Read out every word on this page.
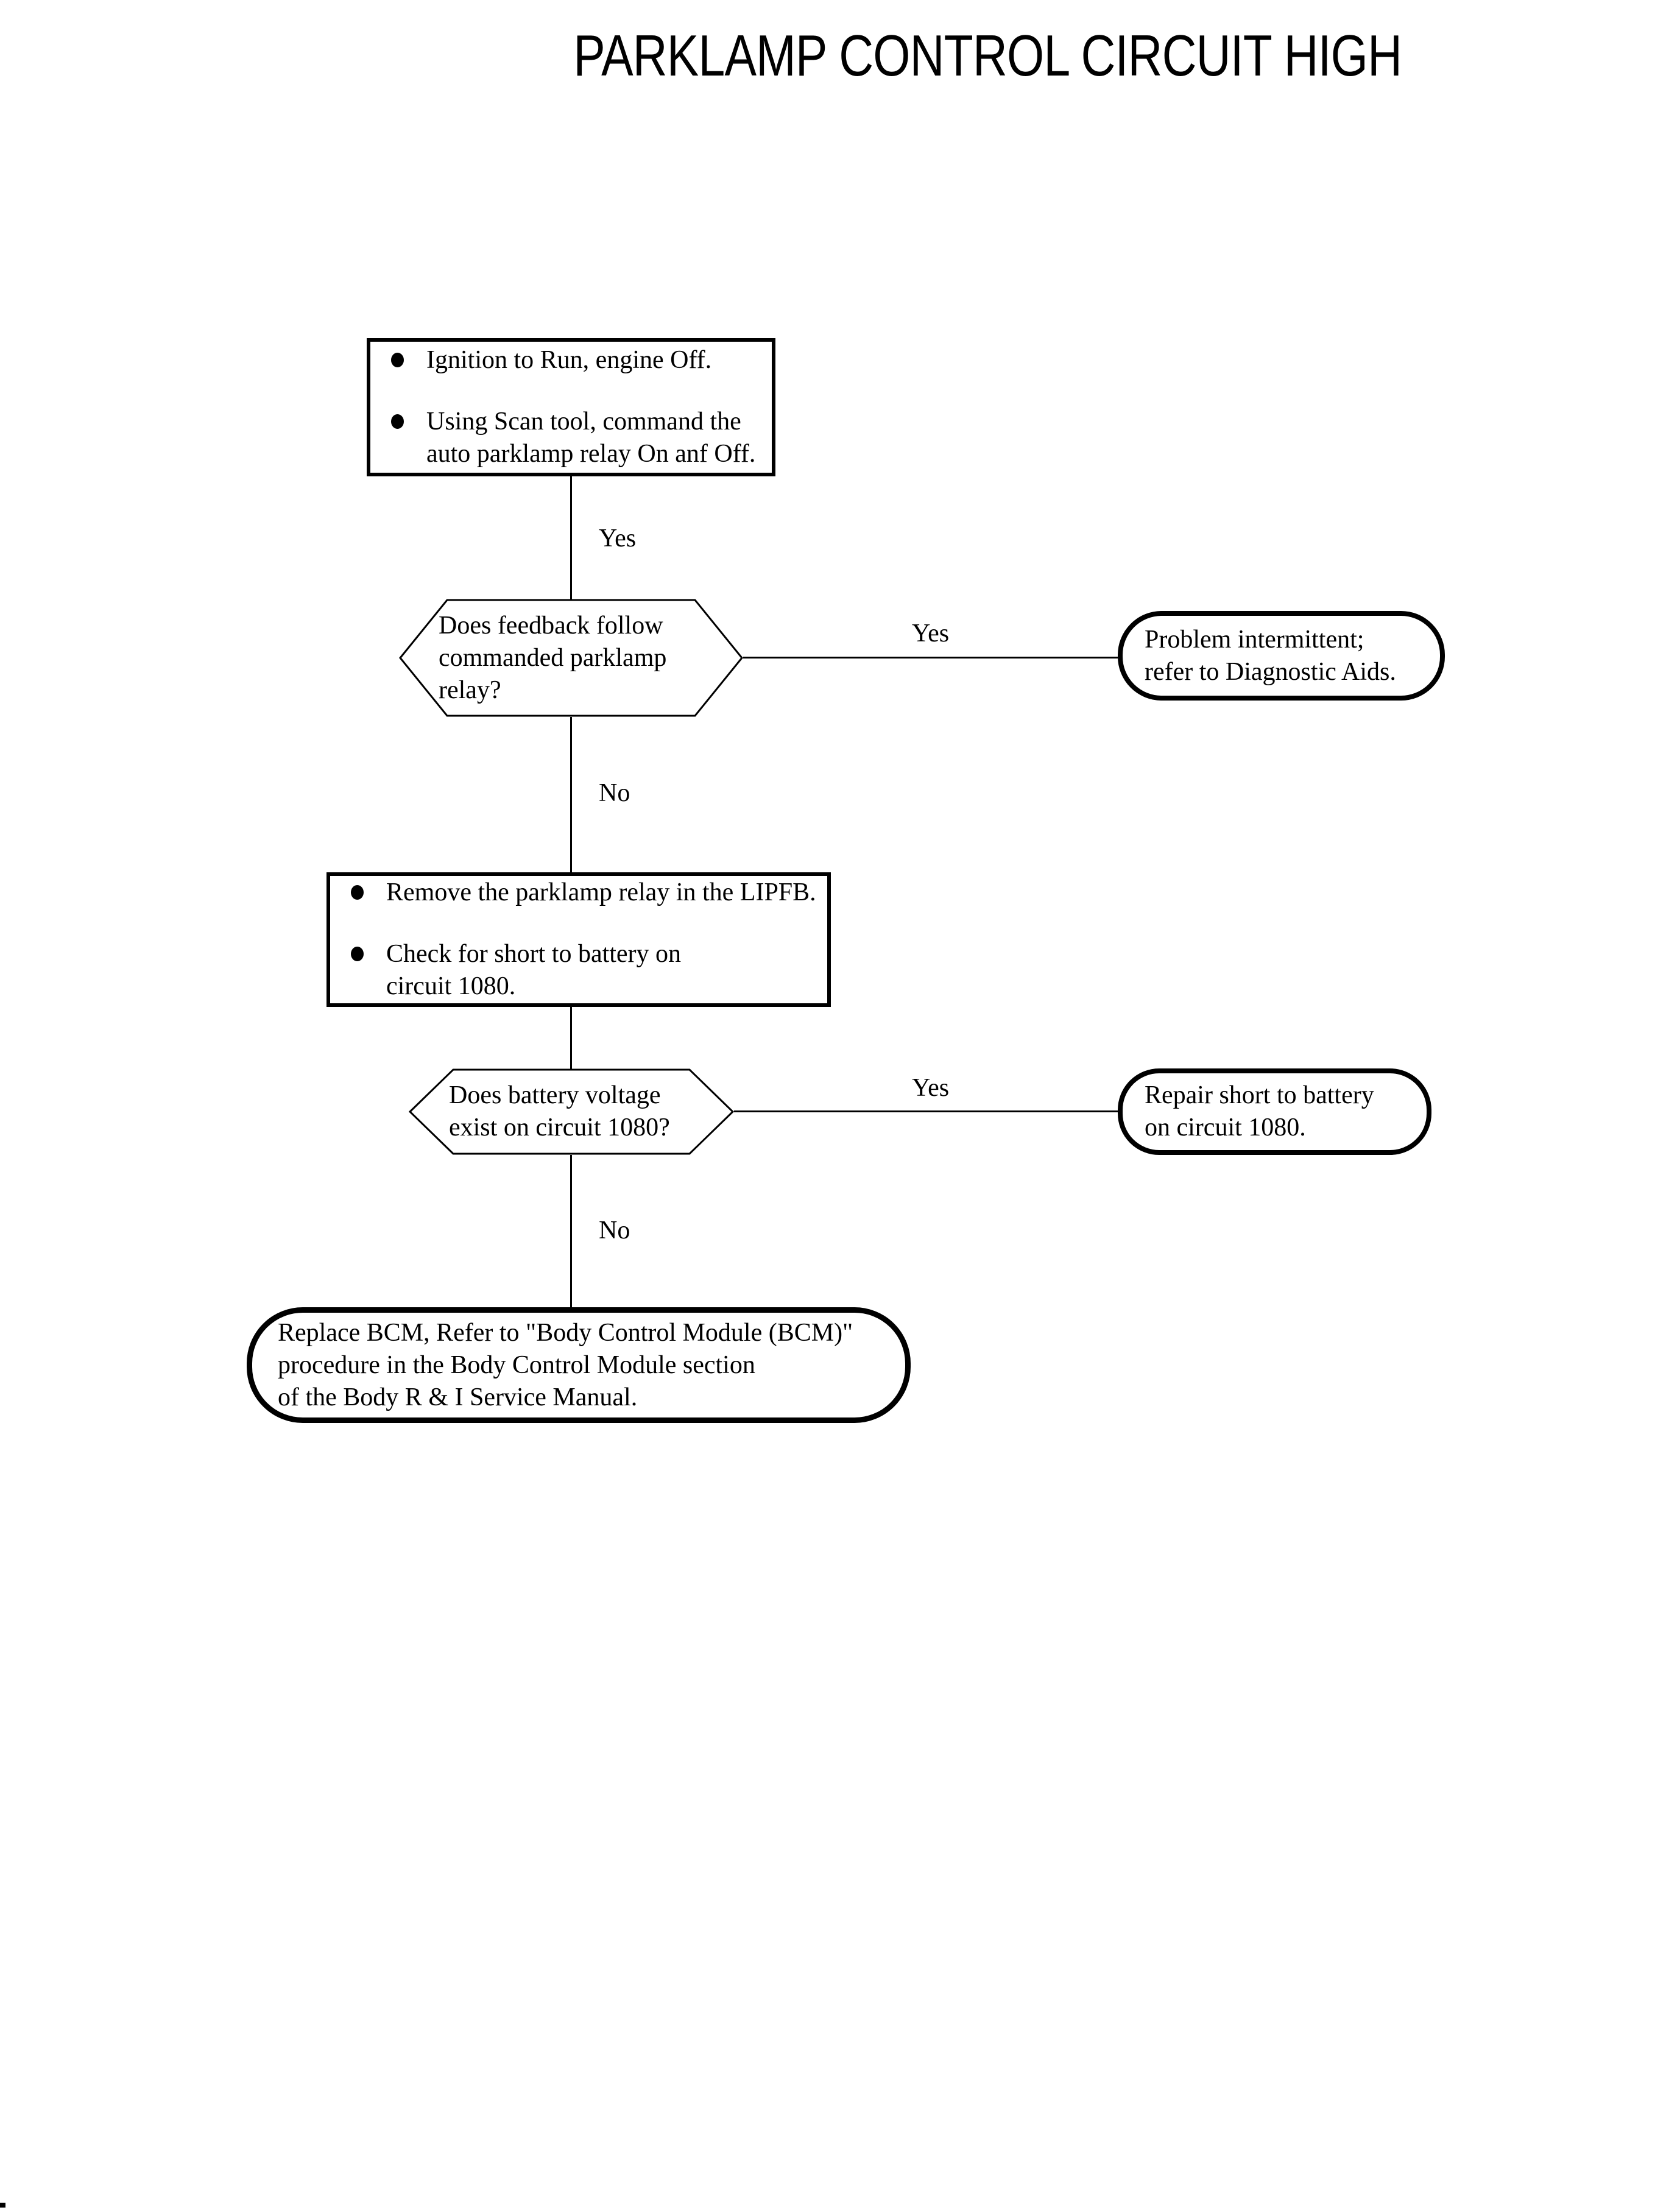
PARKLAMP CONTROL CIRCUIT HIGH
Ignition to Run, engine Off.
Using Scan tool, command the
auto parklamp relay On anf Off.
Yes
Does feedback follow
commanded parklamp
relay?
Yes	Problem intermittent;
refer to Diagnostic Aids.
No
Remove the parklamp relay in the LIPFB.
Check for short to battery on
circuit 1080.
Does battery voltage
exist on circuit 1080?
Yes	Repair short to battery
on circuit 1080.
No
Replace BCM, Refer to "Body Control Module (BCM)"
procedure in the Body Control Module section
of the Body R & I Service Manual.
